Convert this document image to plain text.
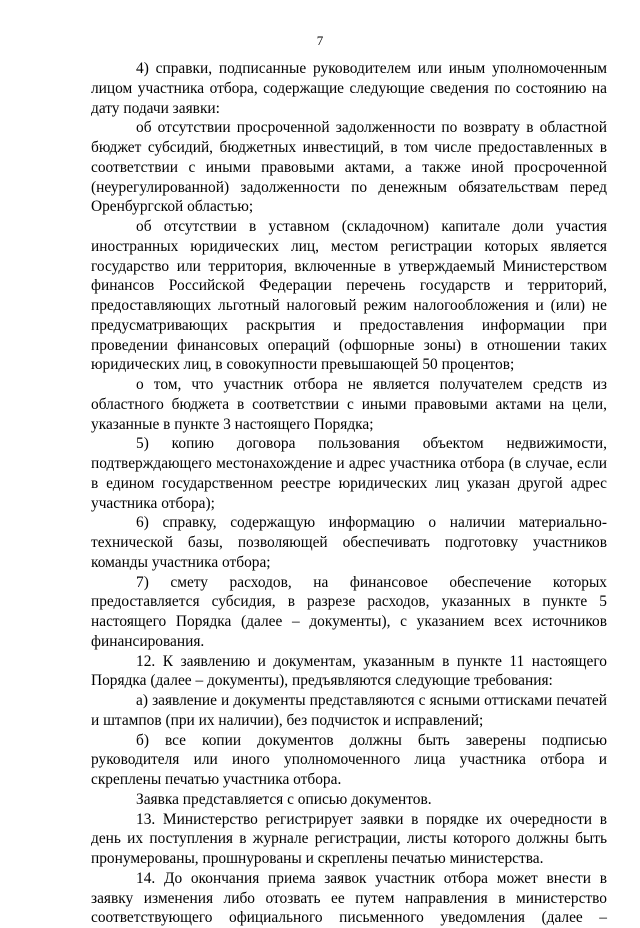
7

4) справки, подписанные руководителем или иным уполномоченным лицом участника отбора, содержащие следующие сведения по состоянию на дату подачи заявки:

об отсутствии просроченной задолженности по возврату в областной бюджет субсидий, бюджетных инвестиций, в том числе предоставленных в соответствии с иными правовыми актами, а также иной просроченной (неурегулированной) задолженности по денежным обязательствам перед Оренбургской областью;

об отсутствии в уставном (складочном) капитале доли участия иностранных юридических лиц, местом регистрации которых является государство или территория, включенные в утверждаемый Министерством финансов Российской Федерации перечень государств и территорий, предоставляющих льготный налоговый режим налогообложения и (или) не предусматривающих раскрытия и предоставления информации при проведении финансовых операций (офшорные зоны) в отношении таких юридических лиц, в совокупности превышающей 50 процентов;

о том, что участник отбора не является получателем средств из областного бюджета в соответствии с иными правовыми актами на цели, указанные в пункте 3 настоящего Порядка;

5) копию договора пользования объектом недвижимости, подтверждающего местонахождение и адрес участника отбора (в случае, если в едином государственном реестре юридических лиц указан другой адрес участника отбора);

6) справку, содержащую информацию о наличии материально-технической базы, позволяющей обеспечивать подготовку участников команды участника отбора;

7) смету расходов, на финансовое обеспечение которых предоставляется субсидия, в разрезе расходов, указанных в пункте 5 настоящего Порядка (далее – документы), с указанием всех источников финансирования.

12. К заявлению и документам, указанным в пункте 11 настоящего Порядка (далее – документы), предъявляются следующие требования:

а) заявление и документы представляются с ясными оттисками печатей и штампов (при их наличии), без подчисток и исправлений;

б) все копии документов должны быть заверены подписью руководителя или иного уполномоченного лица участника отбора и скреплены печатью участника отбора.

Заявка представляется с описью документов.

13. Министерство регистрирует заявки в порядке их очередности в день их поступления в журнале регистрации, листы которого должны быть пронумерованы, прошнурованы и скреплены печатью министерства.

14. До окончания приема заявок участник отбора может внести в заявку изменения либо отозвать ее путем направления в министерство соответствующего официального письменного уведомления (далее –
